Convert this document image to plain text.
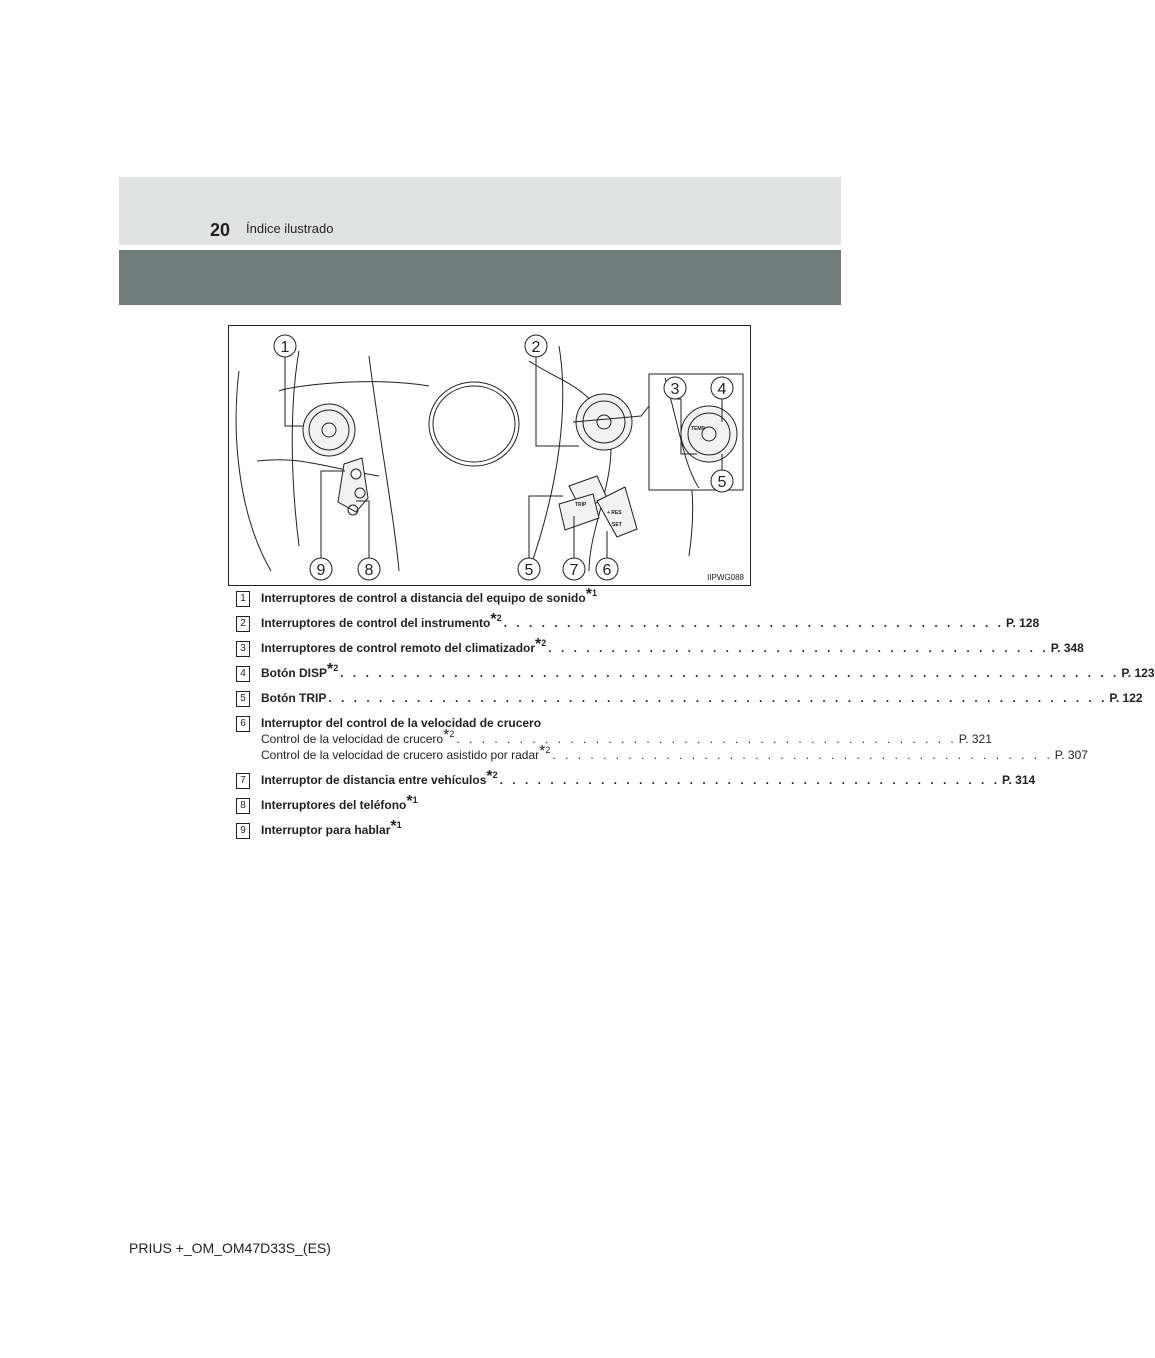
20 Índice ilustrado
1	2
3 4
5
9 8	5 7 6
TEMP
TRIP
+ RES
- SET
IIPWG088
1	Interruptores de control a distancia del equipo de sonido$^{*1}$
2	Interruptores de control del instrumento$^{*2}$ . . . . . . . . . . . . . . . . . . . . . . . . . . . . . . . . . . . . . . . . P. 128
3	Interruptores de control remoto del climatizador$^{*2}$ . . . . . . . . . . . . . . . . . . . . . . . . . . . . . . . . . . . . . . . . P. 348
4	Botón DISP$^{*2}$ . . . . . . . . . . . . . . . . . . . . . . . . . . . . . . . . . . . . . . . . . . . . . . . . . . . . . . . . . . . . . . P. 123
5	Botón TRIP . . . . . . . . . . . . . . . . . . . . . . . . . . . . . . . . . . . . . . . . . . . . . . . . . . . . . . . . . . . . . . P. 122
6	Interruptor del control de la velocidad de crucero
Control de la velocidad de crucero$^{*2}$ . . . . . . . . . . . . . . . . . . . . . . . . . . . . . . . . . . . . . . . . P. 321
Control de la velocidad de crucero asistido por radar$^{*2}$ . . . . . . . . . . . . . . . . . . . . . . . . . . . . . . . . . . . . . . . . P. 307
7	Interruptor de distancia entre vehículos$^{*2}$ . . . . . . . . . . . . . . . . . . . . . . . . . . . . . . . . . . . . . . . . P. 314
8	Interruptores del teléfono$^{*1}$
9	Interruptor para hablar$^{*1}$
PRIUS +_OM_OM47D33S_(ES)
